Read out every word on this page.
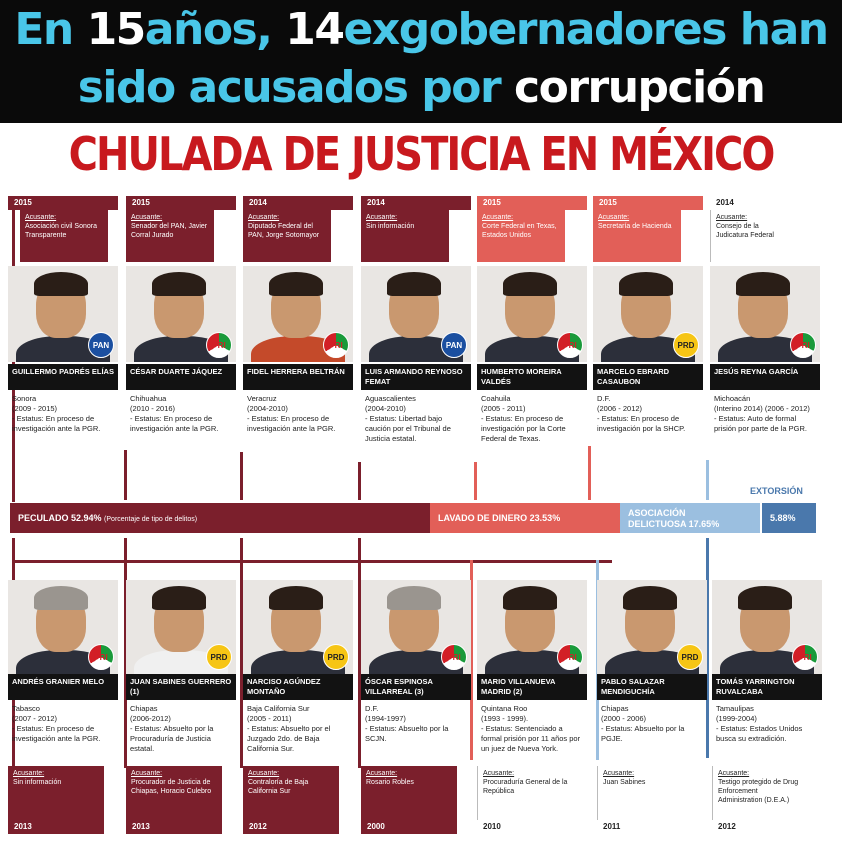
En 15años, 14exgobernadores han
sido acusados por corrupción
CHULADA DE JUSTICIA EN MÉXICO
2015
Acusante:
Asociación civil Sonora Transparente
PAN
GUILLERMO PADRÉS ELÍAS
Sonora
(2009 - 2015)
- Estatus: En proceso de investigación ante la PGR.
2015
Acusante:
Senador del PAN, Javier Corral Jurado
PRI
CÉSAR DUARTE JÁQUEZ
Chihuahua
(2010 - 2016)
- Estatus: En proceso de investigación ante la PGR.
2014
Acusante:
Diputado Federal del PAN, Jorge Sotomayor
PRI
FIDEL HERRERA BELTRÁN
Veracruz
(2004-2010)
- Estatus: En proceso de investigación ante la PGR.
2014
Acusante:
Sin información
PAN
LUIS ARMANDO REYNOSO FEMAT
Aguascalientes
(2004-2010)
- Estatus: Libertad bajo caución por el Tribunal de Justicia estatal.
2015
Acusante:
Corte Federal en Texas, Estados Unidos
PRI
HUMBERTO MOREIRA VALDÉS
Coahuila
(2005 - 2011)
- Estatus: En proceso de investigación por la Corte Federal de Texas.
2015
Acusante:
Secretaría de Hacienda
PRD
MARCELO EBRARD CASAUBON
D.F.
(2006 - 2012)
- Estatus: En proceso de investigación por la SHCP.
2014
Acusante:
Consejo de la Judicatura Federal
PRI
JESÚS REYNA GARCÍA
Michoacán
(Interino 2014) (2006 - 2012)
- Estatus: Auto de formal prisión por parte de la PGR.
EXTORSIÓN
PECULADO 52.94% (Porcentaje de tipo de delitos)	LAVADO DE DINERO 23.53%	ASOCIACIÓN DELICTUOSA 17.65%
5.88%
PRI
ANDRÉS GRANIER MELO
Tabasco
(2007 - 2012)
- Estatus: En proceso de investigación ante la PGR.
Acusante:
Sin información
2013
PRD
JUAN SABINES GUERRERO (1)
Chiapas
(2006-2012)
- Estatus: Absuelto por la Procuraduría de Justicia estatal.
Acusante:
Procurador de Justicia de Chiapas, Horacio Culebro
2013
PRD
NARCISO AGÚNDEZ MONTAÑO
Baja California Sur
(2005 - 2011)
- Estatus: Absuelto por el Juzgado 2do. de Baja California Sur.
Acusante:
Contraloría de Baja California Sur
2012
PRI
ÓSCAR ESPINOSA VILLARREAL (3)
D.F.
(1994-1997)
- Estatus: Absuelto por la SCJN.
Acusante:
Rosario Robles
2000
PRI
MARIO VILLANUEVA MADRID (2)
Quintana Roo
(1993 - 1999).
- Estatus: Sentenciado a formal prisión por 11 años por un juez de Nueva York.
Acusante:
Procuraduría General de la República
2010
PRD
PABLO SALAZAR MENDIGUCHÍA
Chiapas
(2000 - 2006)
- Estatus: Absuelto por la PGJE.
Acusante:
Juan Sabines
2011
PRI
TOMÁS YARRINGTON RUVALCABA
Tamaulipas
(1999-2004)
- Estatus: Estados Unidos busca su extradición.
Acusante:
Testigo protegido de Drug Enforcement Administration (D.E.A.)
2012
